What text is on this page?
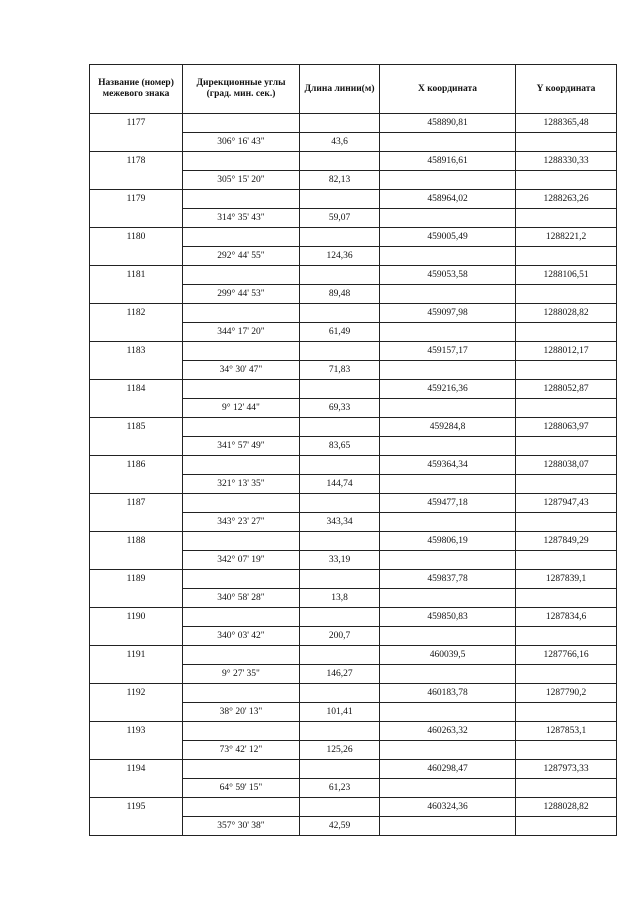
Название (номер) межевого знака	Дирекционные углы (град. мин. сек.)	Длина линии(м)	X координата	Y координата
1177			458890,81	1288365,48
	306° 16' 43"	43,6		
1178			458916,61	1288330,33
	305° 15' 20"	82,13		
1179			458964,02	1288263,26
	314° 35' 43"	59,07		
1180			459005,49	1288221,2
	292° 44' 55"	124,36		
1181			459053,58	1288106,51
	299° 44' 53"	89,48		
1182			459097,98	1288028,82
	344° 17' 20"	61,49		
1183			459157,17	1288012,17
	34° 30' 47"	71,83		
1184			459216,36	1288052,87
	9° 12' 44"	69,33		
1185			459284,8	1288063,97
	341° 57' 49"	83,65		
1186			459364,34	1288038,07
	321° 13' 35"	144,74		
1187			459477,18	1287947,43
	343° 23' 27"	343,34		
1188			459806,19	1287849,29
	342° 07' 19"	33,19		
1189			459837,78	1287839,1
	340° 58' 28"	13,8		
1190			459850,83	1287834,6
	340° 03' 42"	200,7		
1191			460039,5	1287766,16
	9° 27' 35"	146,27		
1192			460183,78	1287790,2
	38° 20' 13"	101,41		
1193			460263,32	1287853,1
	73° 42' 12"	125,26		
1194			460298,47	1287973,33
	64° 59' 15"	61,23		
1195			460324,36	1288028,82
	357° 30' 38"	42,59		
